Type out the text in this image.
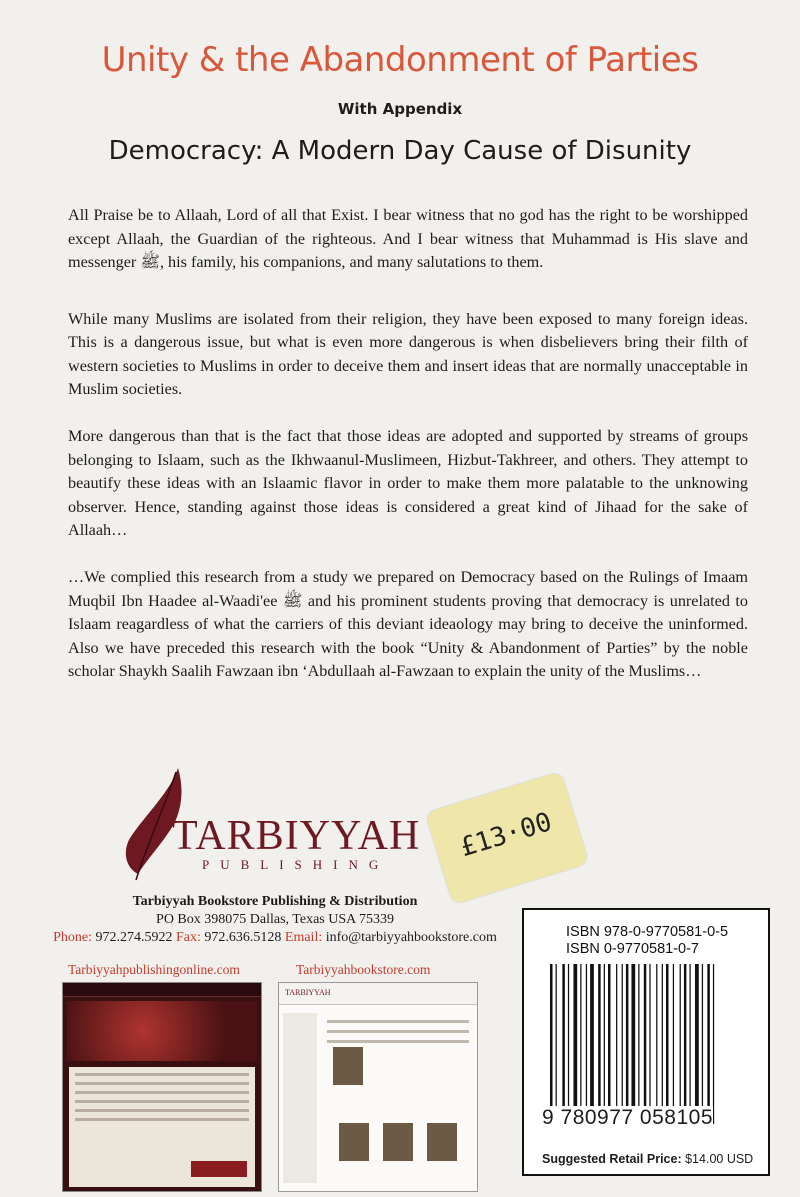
Unity & the Abandonment of Parties
With Appendix
Democracy: A Modern Day Cause of Disunity

All Praise be to Allaah, Lord of all that Exist. I bear witness that no god has the right to be worshipped except Allaah, the Guardian of the righteous. And I bear witness that Muhammad is His slave and messenger ﷺ, his family, his companions, and many salutations to them.

While many Muslims are isolated from their religion, they have been exposed to many foreign ideas. This is a dangerous issue, but what is even more dangerous is when disbelievers bring their filth of western societies to Muslims in order to deceive them and insert ideas that are normally unacceptable in Muslim societies.

More dangerous than that is the fact that those ideas are adopted and supported by streams of groups belonging to Islaam, such as the Ikhwaanul-Muslimeen, Hizbut-Takhreer, and others. They attempt to beautify these ideas with an Islaamic flavor in order to make them more palatable to the unknowing observer. Hence, standing against those ideas is considered a great kind of Jihaad for the sake of Allaah…

…We complied this research from a study we prepared on Democracy based on the Rulings of Imaam Muqbil Ibn Haadee al-Waadi'ee ﷺ and his prominent students proving that democracy is unrelated to Islaam reagardless of what the carriers of this deviant ideaology may bring to deceive the uninformed. Also we have preceded this research with the book “Unity & Abandonment of Parties” by the noble scholar Shaykh Saalih Fawzaan ibn ‘Abdullaah al-Fawzaan to explain the unity of the Muslims…

TARBIYYAH
PUBLISHING
£13·00
Tarbiyyah Bookstore Publishing & Distribution
PO Box 398075 Dallas, Texas USA 75339
Phone: 972.274.5922 Fax: 972.636.5128 Email: info@tarbiyyahbookstore.com
Tarbiyyahpublishingonline.com	Tarbiyyahbookstore.com
TARBIYYAH
ISBN 978-0-9770581-0-5
ISBN 0-9770581-0-7
9 780977 058105
Suggested Retail Price: $14.00 USD
